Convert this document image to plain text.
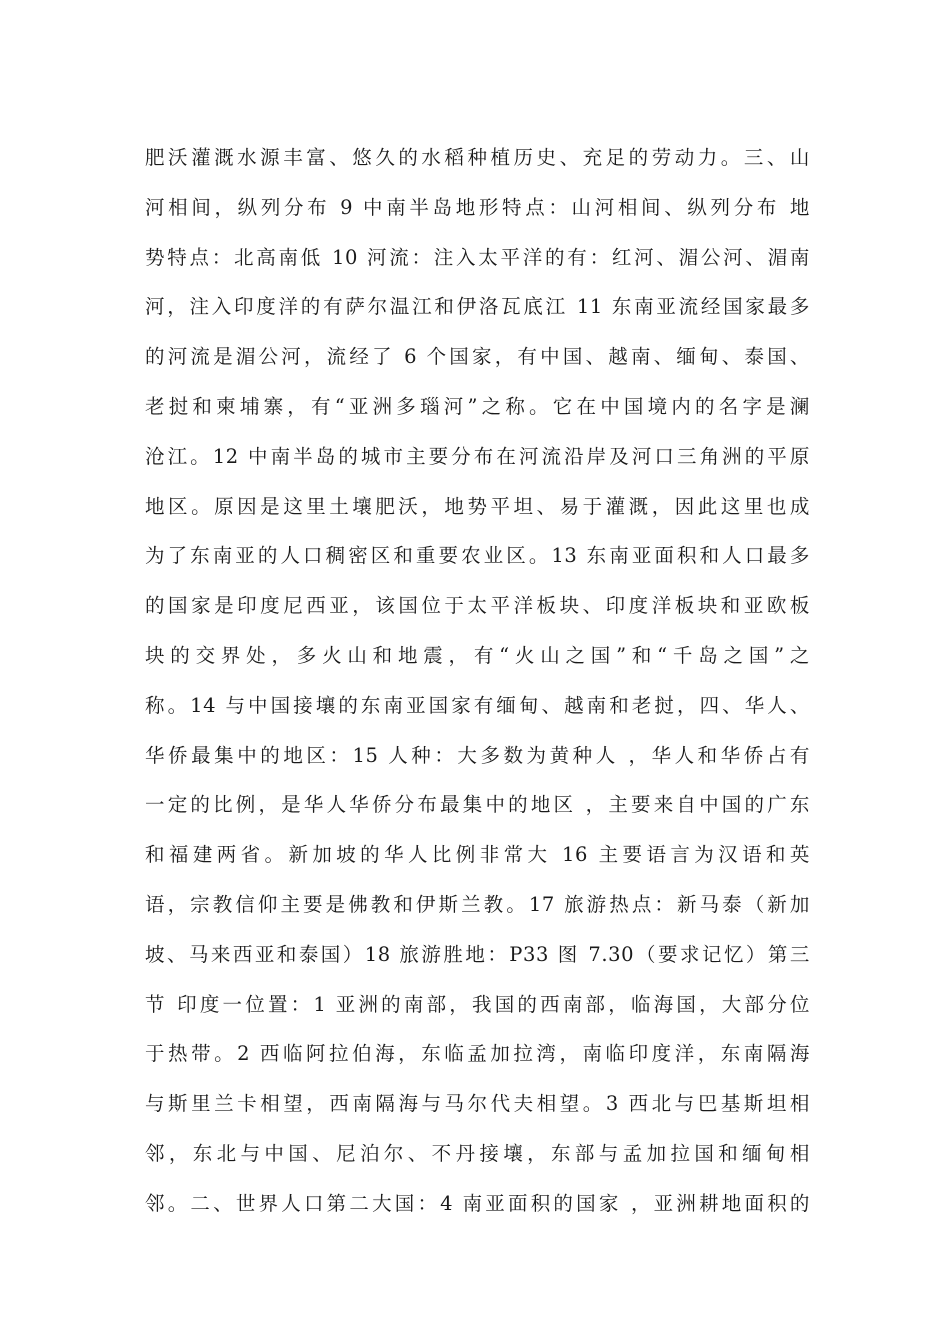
肥沃灌溉水源丰富、悠久的水稻种植历史、充足的劳动力。三、山
河相间，纵列分布 9 中南半岛地形特点：山河相间、纵列分布 地
势特点：北高南低 10 河流：注入太平洋的有：红河、湄公河、湄南
河，注入印度洋的有萨尔温江和伊洛瓦底江 11 东南亚流经国家最多
的河流是湄公河，流经了 6 个国家，有中国、越南、缅甸、泰国、
老挝和柬埔寨，有“亚洲多瑙河”之称。它在中国境内的名字是澜
沧江。12 中南半岛的城市主要分布在河流沿岸及河口三角洲的平原
地区。原因是这里土壤肥沃，地势平坦、易于灌溉，因此这里也成
为了东南亚的人口稠密区和重要农业区。13 东南亚面积和人口最多
的国家是印度尼西亚，该国位于太平洋板块、印度洋板块和亚欧板
块的交界处，多火山和地震，有“火山之国”和“千岛之国”之
称。14 与中国接壤的东南亚国家有缅甸、越南和老挝，四、华人、
华侨最集中的地区：15 人种：大多数为黄种人 ，华人和华侨占有
一定的比例，是华人华侨分布最集中的地区 ，主要来自中国的广东
和福建两省。新加坡的华人比例非常大 16 主要语言为汉语和英
语，宗教信仰主要是佛教和伊斯兰教。17 旅游热点：新马泰（新加
坡、马来西亚和泰国）18 旅游胜地：P33 图 7.30（要求记忆）第三
节 印度一位置：1 亚洲的南部，我国的西南部，临海国，大部分位
于热带。2 西临阿拉伯海，东临孟加拉湾，南临印度洋，东南隔海
与斯里兰卡相望，西南隔海与马尔代夫相望。3 西北与巴基斯坦相
邻，东北与中国、尼泊尔、不丹接壤，东部与孟加拉国和缅甸相
邻。二、世界人口第二大国：4 南亚面积的国家 ，亚洲耕地面积的
